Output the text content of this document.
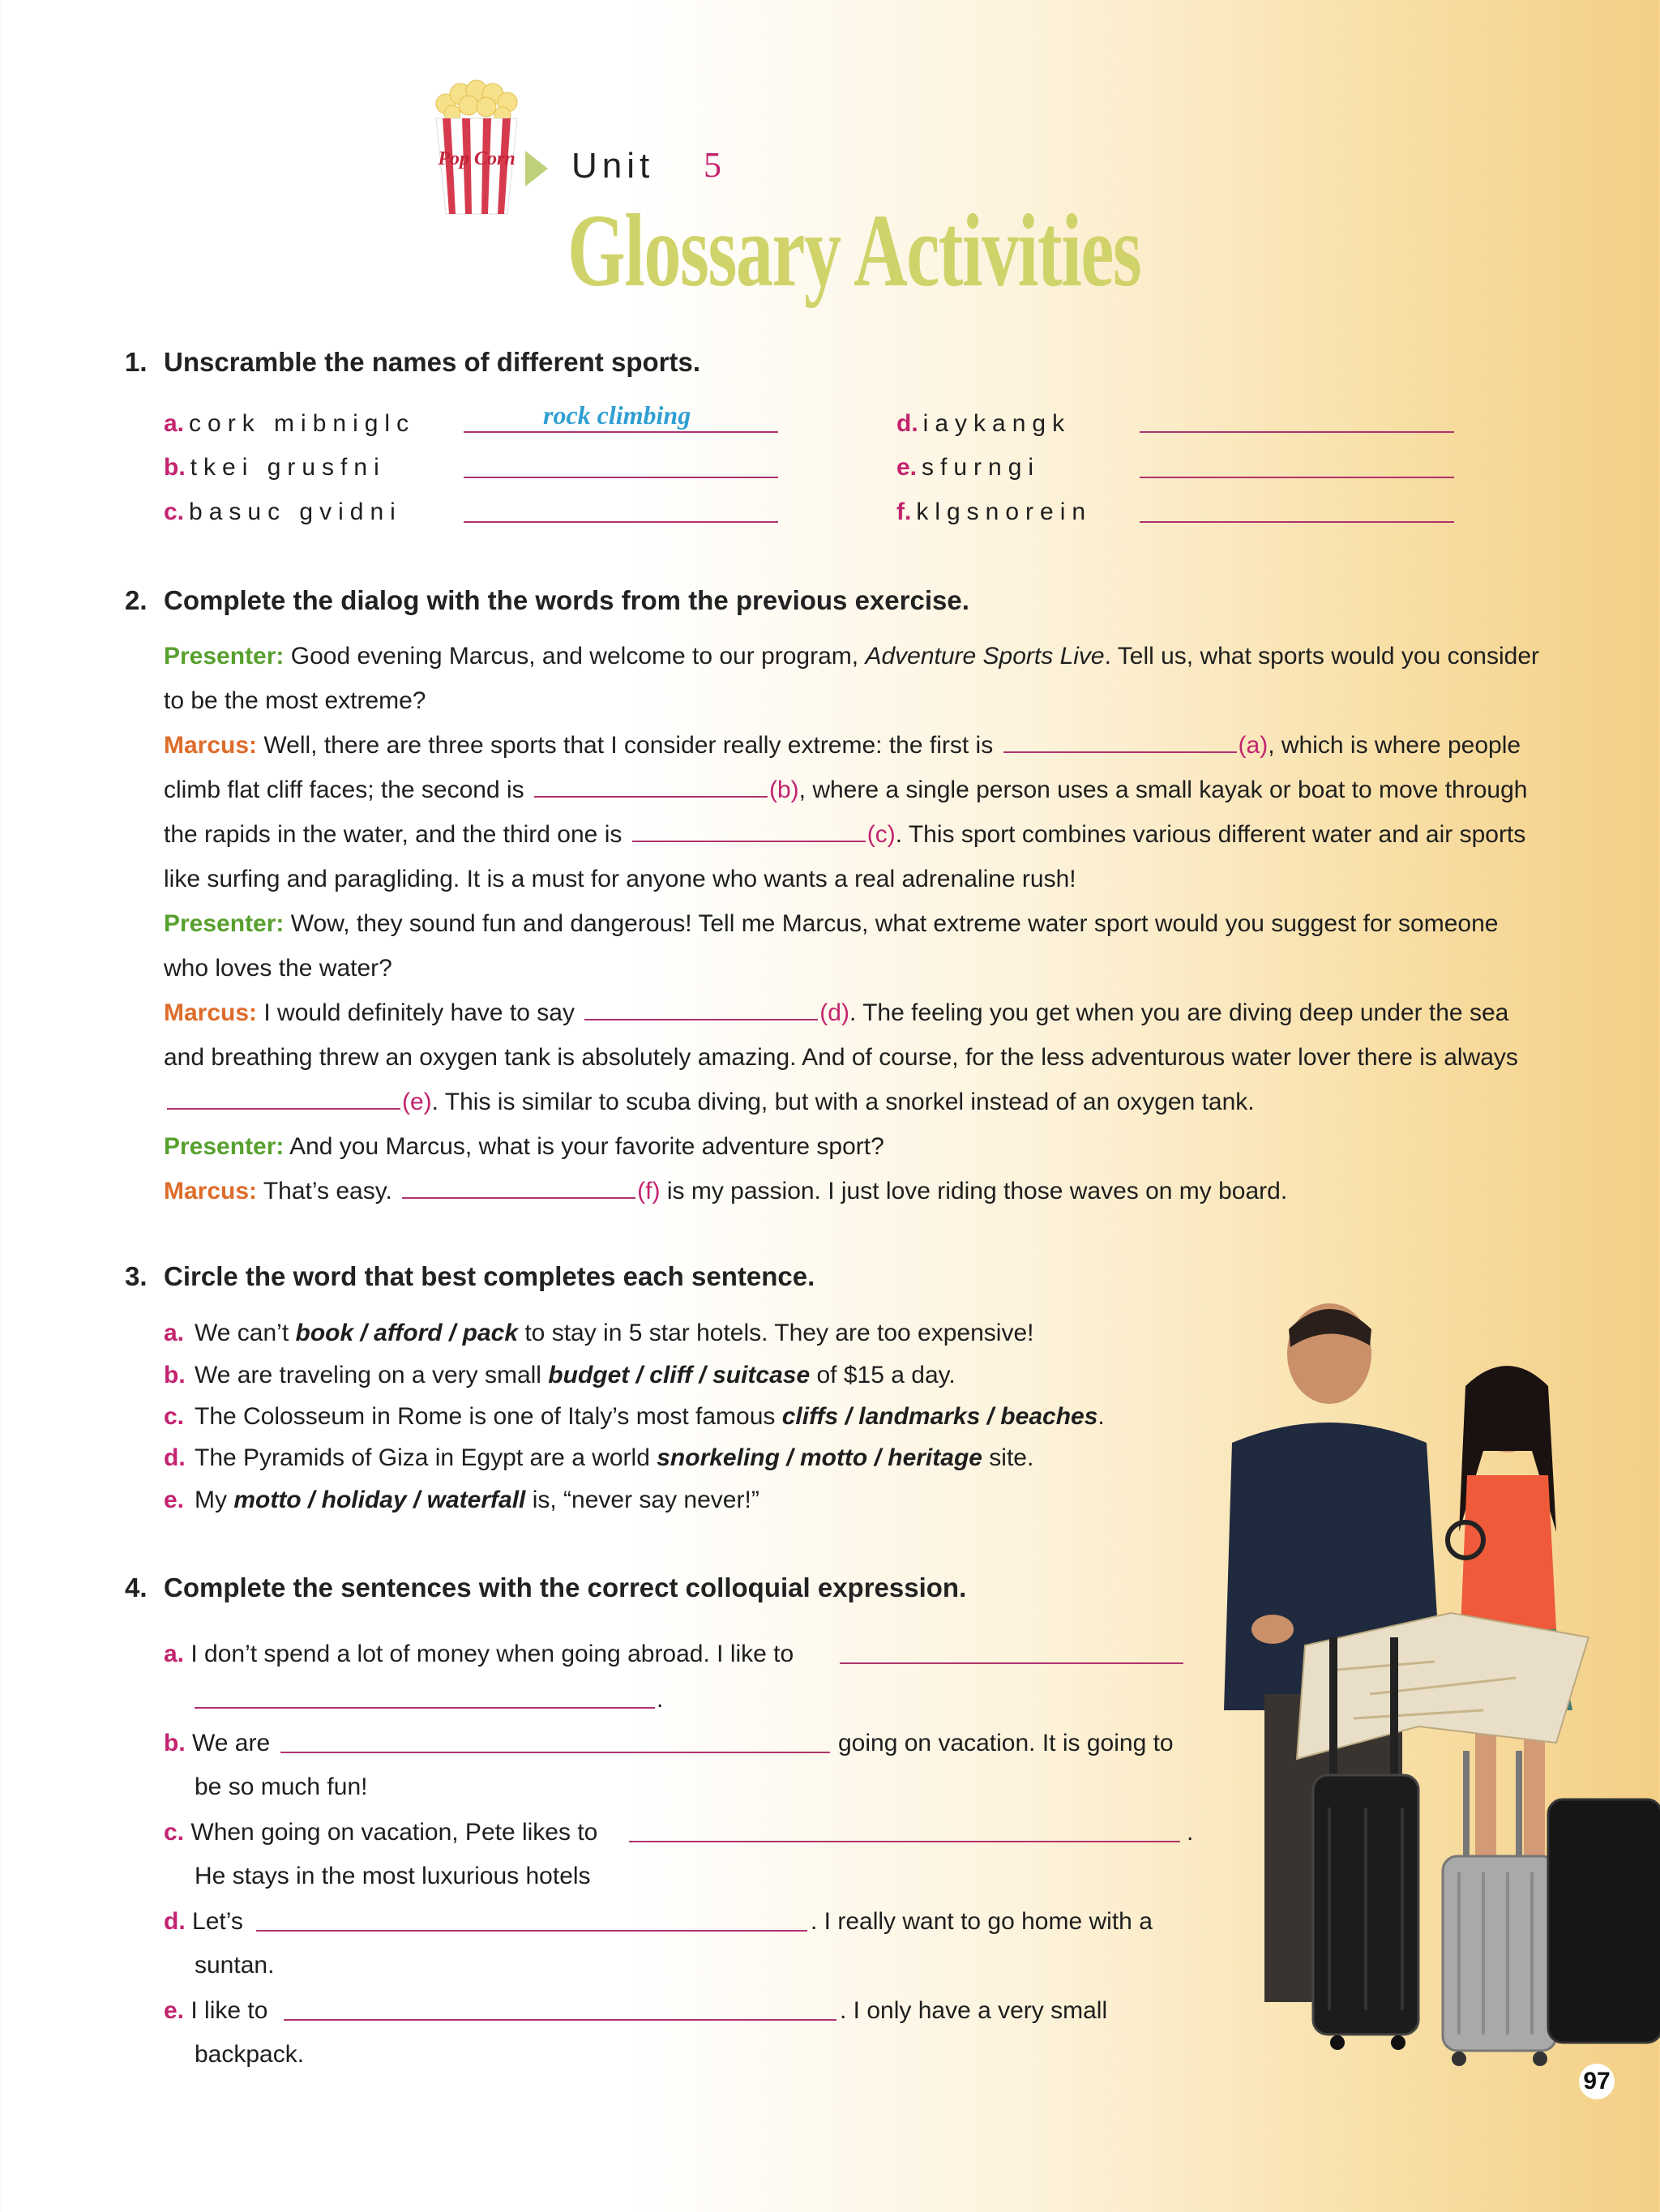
Pop Corn Unit 5
Glossary Activities
1. Unscramble the names of different sports.
a. cork mibniglc	rock climbing
b. tkei grusfni
c. basuc gvidni
d. iaykangk
e. sfurngi
f. klgsnorein
2. Complete the dialog with the words from the previous exercise.
Presenter: Good evening Marcus, and welcome to our program, Adventure Sports Live. Tell us, what sports would you consider to be the most extreme?
Marcus: Well, there are three sports that I consider really extreme: the first is	(a), which is where people climb flat cliff faces; the second is	(b), where a single person uses a small kayak or boat to move through the rapids in the water, and the third one is	(c). This sport combines various different water and air sports like surfing and paragliding. It is a must for anyone who wants a real adrenaline rush!
Presenter: Wow, they sound fun and dangerous! Tell me Marcus, what extreme water sport would you suggest for someone who loves the water?
Marcus: I would definitely have to say	(d). The feeling you get when you are diving deep under the sea and breathing threw an oxygen tank is absolutely amazing. And of course, for the less adventurous water lover there is always (e). This is similar to scuba diving, but with a snorkel instead of an oxygen tank.
Presenter: And you Marcus, what is your favorite adventure sport?
Marcus: That’s easy.	(f) is my passion. I just love riding those waves on my board.
3. Circle the word that best completes each sentence.
a. We can’t book / afford / pack to stay in 5 star hotels. They are too expensive!
b. We are traveling on a very small budget / cliff / suitcase of $15 a day.
c. The Colosseum in Rome is one of Italy’s most famous cliffs / landmarks / beaches.
d. The Pyramids of Giza in Egypt are a world snorkeling / motto / heritage site.
e. My motto / holiday / waterfall is, “never say never!”
4. Complete the sentences with the correct colloquial expression.
a. I don’t spend a lot of money when going abroad. I like to
.
b. We are	going on vacation. It is going to
be so much fun!
c. When going on vacation, Pete likes to	.
He stays in the most luxurious hotels
d. Let’s	. I really want to go home with a
suntan.
e. I like to	. I only have a very small
backpack.
97
